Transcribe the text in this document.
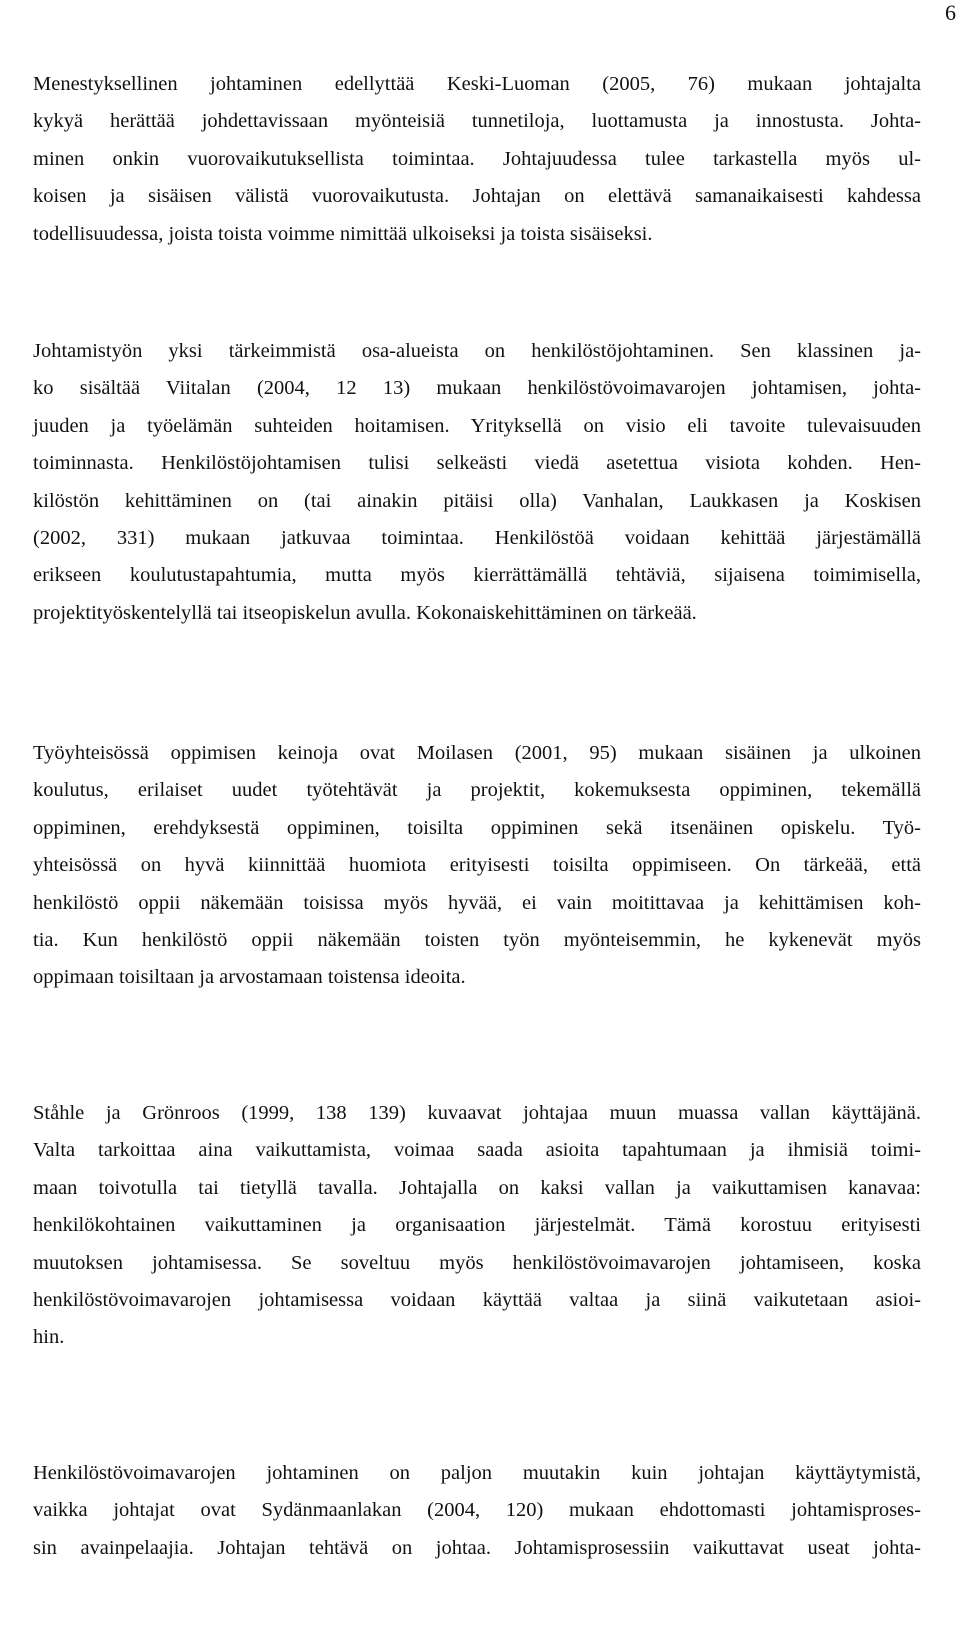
6
Menestyksellinen johtaminen edellyttää Keski-Luoman (2005, 76) mukaan johtajalta
kykyä herättää johdettavissaan myönteisiä tunnetiloja, luottamusta ja innostusta. Johta-
minen onkin vuorovaikutuksellista toimintaa. Johtajuudessa tulee tarkastella myös ul-
koisen ja sisäisen välistä vuorovaikutusta. Johtajan on elettävä samanaikaisesti kahdessa
todellisuudessa, joista toista voimme nimittää ulkoiseksi ja toista sisäiseksi.
Johtamistyön yksi tärkeimmistä osa-alueista on henkilöstöjohtaminen. Sen klassinen ja-
ko sisältää Viitalan (2004, 12 13) mukaan henkilöstövoimavarojen johtamisen, johta-
juuden ja työelämän suhteiden hoitamisen. Yrityksellä on visio eli tavoite tulevaisuuden
toiminnasta. Henkilöstöjohtamisen tulisi selkeästi viedä asetettua visiota kohden. Hen-
kilöstön kehittäminen on (tai ainakin pitäisi olla) Vanhalan, Laukkasen ja Koskisen
(2002, 331) mukaan jatkuvaa toimintaa. Henkilöstöä voidaan kehittää järjestämällä
erikseen koulutustapahtumia, mutta myös kierrättämällä tehtäviä, sijaisena toimimisella,
projektityöskentelyllä tai itseopiskelun avulla. Kokonaiskehittäminen on tärkeää.
Työyhteisössä oppimisen keinoja ovat Moilasen (2001, 95) mukaan sisäinen ja ulkoinen
koulutus, erilaiset uudet työtehtävät ja projektit, kokemuksesta oppiminen, tekemällä
oppiminen, erehdyksestä oppiminen, toisilta oppiminen sekä itsenäinen opiskelu. Työ-
yhteisössä on hyvä kiinnittää huomiota erityisesti toisilta oppimiseen. On tärkeää, että
henkilöstö oppii näkemään toisissa myös hyvää, ei vain moitittavaa ja kehittämisen koh-
tia. Kun henkilöstö oppii näkemään toisten työn myönteisemmin, he kykenevät myös
oppimaan toisiltaan ja arvostamaan toistensa ideoita.
Ståhle ja Grönroos (1999, 138 139) kuvaavat johtajaa muun muassa vallan käyttäjänä.
Valta tarkoittaa aina vaikuttamista, voimaa saada asioita tapahtumaan ja ihmisiä toimi-
maan toivotulla tai tietyllä tavalla. Johtajalla on kaksi vallan ja vaikuttamisen kanavaa:
henkilökohtainen vaikuttaminen ja organisaation järjestelmät. Tämä korostuu erityisesti
muutoksen johtamisessa. Se soveltuu myös henkilöstövoimavarojen johtamiseen, koska
henkilöstövoimavarojen johtamisessa voidaan käyttää valtaa ja siinä vaikutetaan asioi-
hin.
Henkilöstövoimavarojen johtaminen on paljon muutakin kuin johtajan käyttäytymistä,
vaikka johtajat ovat Sydänmaanlakan (2004, 120) mukaan ehdottomasti johtamisproses-
sin avainpelaajia. Johtajan tehtävä on johtaa. Johtamisprosessiin vaikuttavat useat johta-
